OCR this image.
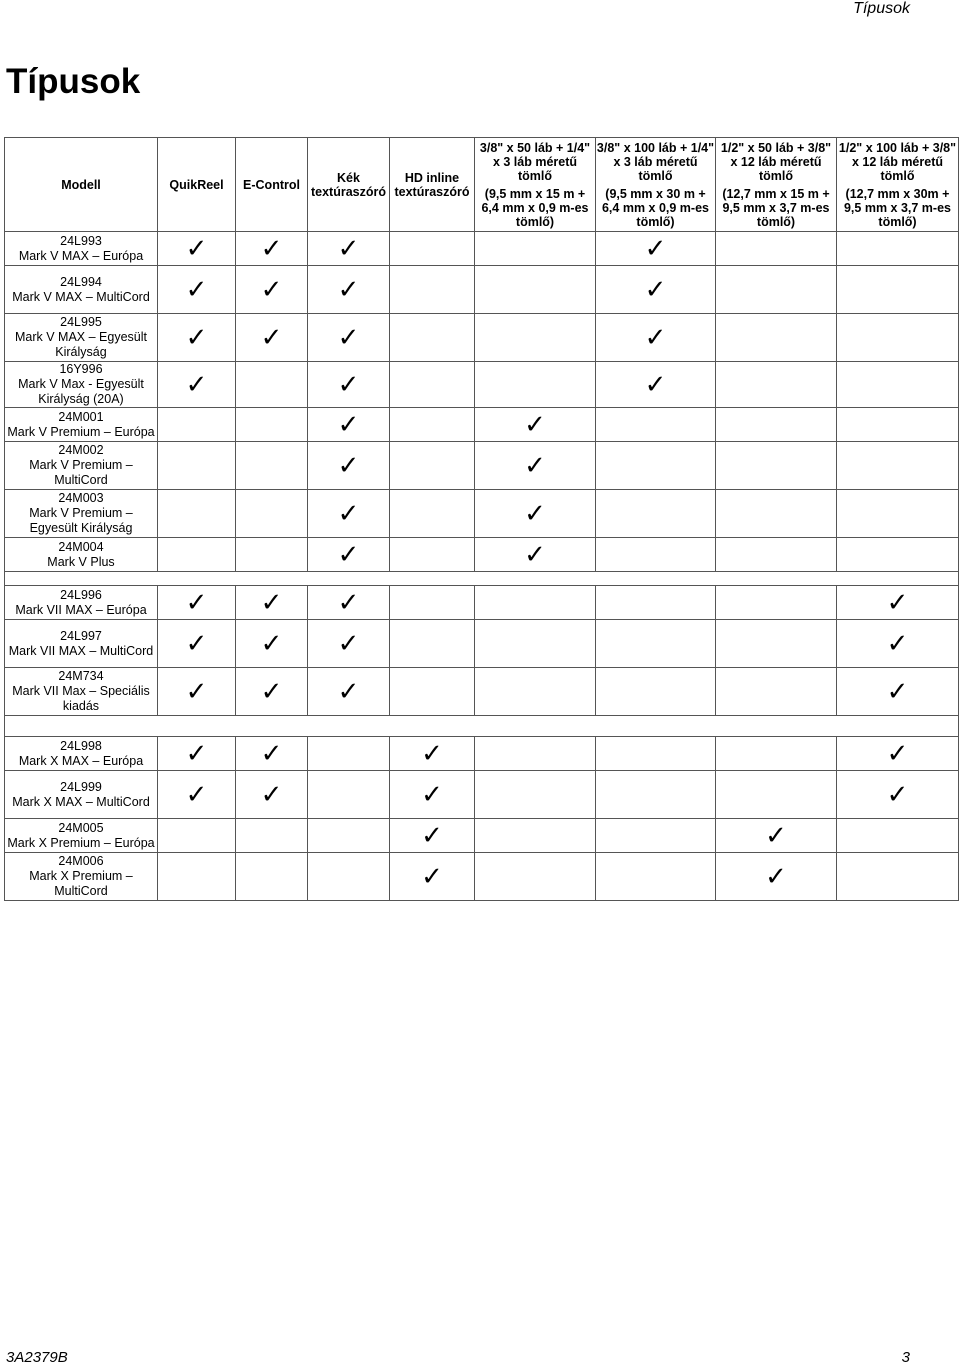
Típusok
Típusok
Modell	QuikReel	E-Control	Kék textúraszóró	HD inline textúraszóró	3/8" x 50 láb + 1/4" x 3 láb méretű tömlő
(9,5 mm x 15 m + 6,4 mm x 0,9 m-es tömlő)	3/8" x 100 láb + 1/4" x 3 láb méretű tömlő
(9,5 mm x 30 m + 6,4 mm x 0,9 m-es tömlő)	1/2" x 50 láb + 3/8" x 12 láb méretű tömlő
(12,7 mm x 15 m + 9,5 mm x 3,7 m-es tömlő)	1/2" x 100 láb + 3/8" x 12 láb méretű tömlő
(12,7 mm x 30m + 9,5 mm x 3,7 m-es tömlő)

24L993
Mark V MAX – Európa	✓	✓	✓			✓		

24L994
Mark V MAX – MultiCord	✓	✓	✓			✓		

24L995
Mark V MAX – Egyesült Királyság	✓	✓	✓			✓		

16Y996
Mark V Max - Egyesült Királyság (20A)	✓		✓			✓		

24M001
Mark V Premium – Európa			✓		✓			

24M002
Mark V Premium – MultiCord			✓		✓			

24M003
Mark V Premium – Egyesült Királyság			✓		✓			

24M004
Mark V Plus			✓		✓			

24L996
Mark VII MAX – Európa	✓	✓	✓					✓

24L997
Mark VII MAX – MultiCord	✓	✓	✓					✓

24M734
Mark VII Max – Speciális kiadás	✓	✓	✓					✓

24L998
Mark X MAX – Európa	✓	✓		✓				✓

24L999
Mark X MAX – MultiCord	✓	✓		✓				✓

24M005
Mark X Premium – Európa				✓			✓	

24M006
Mark X Premium – MultiCord				✓			✓	
3A2379B	3
